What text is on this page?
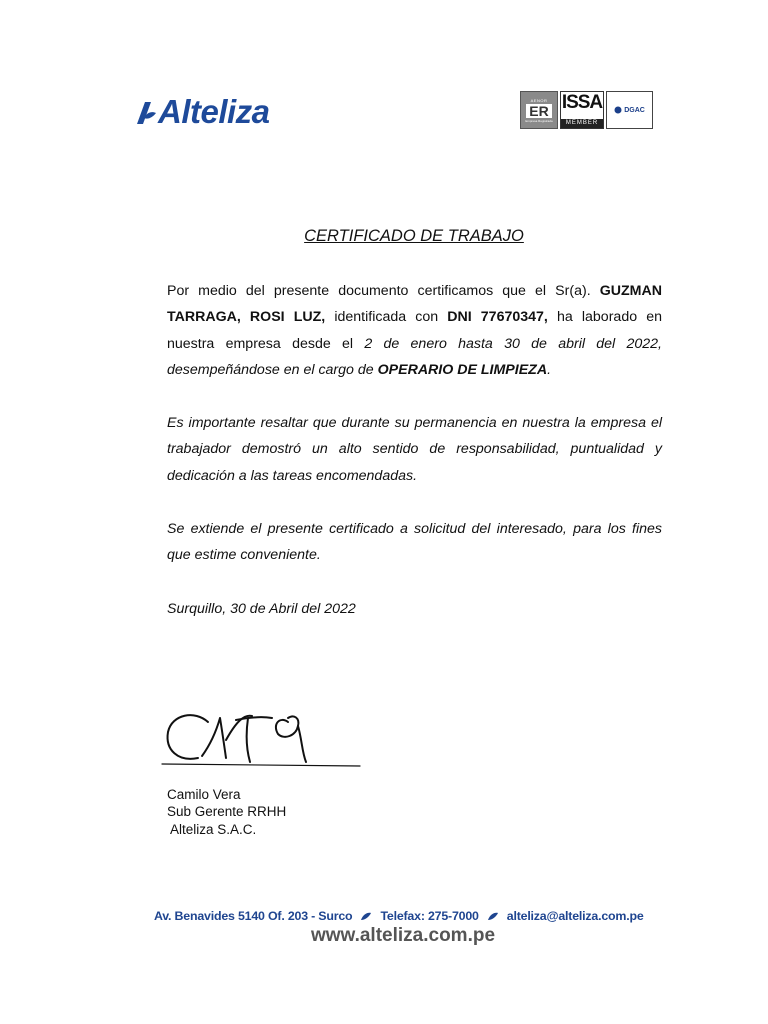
Alteliza	AENOR
ER
Empresa Registrada
ISSA
MEMBER
DGAC
CERTIFICADO DE TRABAJO

Por medio del presente documento certificamos que el Sr(a). GUZMAN TARRAGA, ROSI LUZ, identificada con DNI 77670347, ha laborado en nuestra empresa desde el 2 de enero hasta 30 de abril del 2022, desempeñándose en el cargo de OPERARIO DE LIMPIEZA.

Es importante resaltar que durante su permanencia en nuestra la empresa el trabajador demostró un alto sentido de responsabilidad, puntualidad y dedicación a las tareas encomendadas.

Se extiende el presente certificado a solicitud del interesado, para los fines que estime conveniente.

Surquillo, 30 de Abril del 2022
Camilo Vera
Sub Gerente RRHH
Alteliza S.A.C.
Av. Benavides 5140 Of. 203 - Surco Telefax: 275-7000 alteliza@alteliza.com.pe
www.alteliza.com.pe
